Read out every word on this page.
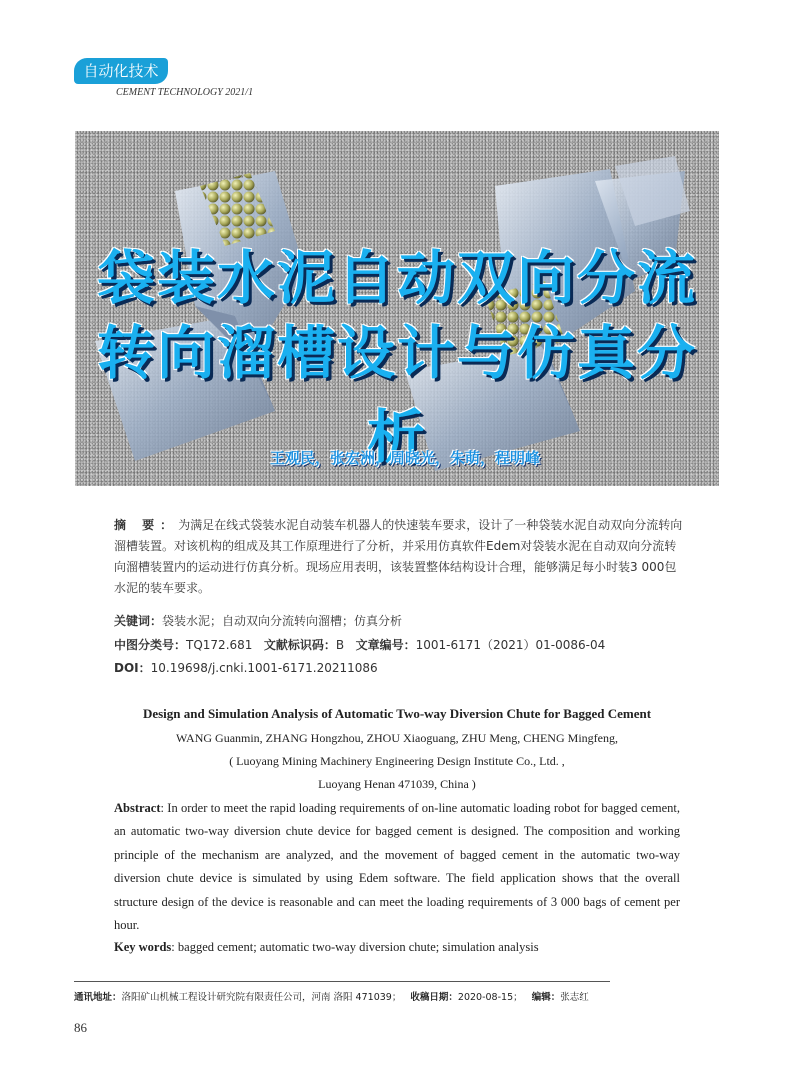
自动化技术
CEMENT TECHNOLOGY 2021/1
袋装水泥自动双向分流
转向溜槽设计与仿真分析
王观民，张宏洲，周晓光，朱萌，程明峰
摘 要：为满足在线式袋装水泥自动装车机器人的快速装车要求，设计了一种袋装水泥自动双向分流转向溜槽装置。对该机构的组成及其工作原理进行了分析，并采用仿真软件Edem对袋装水泥在自动双向分流转向溜槽装置内的运动进行仿真分析。现场应用表明，该装置整体结构设计合理，能够满足每小时装3 000包水泥的装车要求。
关键词：袋装水泥；自动双向分流转向溜槽；仿真分析
中图分类号：TQ172.681 文献标识码：B 文章编号：1001-6171（2021）01-0086-04
DOI：10.19698/j.cnki.1001-6171.20211086
Design and Simulation Analysis of Automatic Two-way Diversion Chute for Bagged Cement
WANG Guanmin, ZHANG Hongzhou, ZHOU Xiaoguang, ZHU Meng, CHENG Mingfeng,
( Luoyang Mining Machinery Engineering Design Institute Co., Ltd. ,
Luoyang Henan 471039, China )
Abstract: In order to meet the rapid loading requirements of on-line automatic loading robot for bagged cement, an automatic two-way diversion chute device for bagged cement is designed. The composition and working principle of the mechanism are analyzed, and the movement of bagged cement in the automatic two-way diversion chute device is simulated by using Edem software. The field application shows that the overall structure design of the device is reasonable and can meet the loading requirements of 3 000 bags of cement per hour.
Key words: bagged cement; automatic two-way diversion chute; simulation analysis
通讯地址：洛阳矿山机械工程设计研究院有限责任公司，河南 洛阳 471039； 收稿日期：2020-08-15； 编辑：张志红
86
